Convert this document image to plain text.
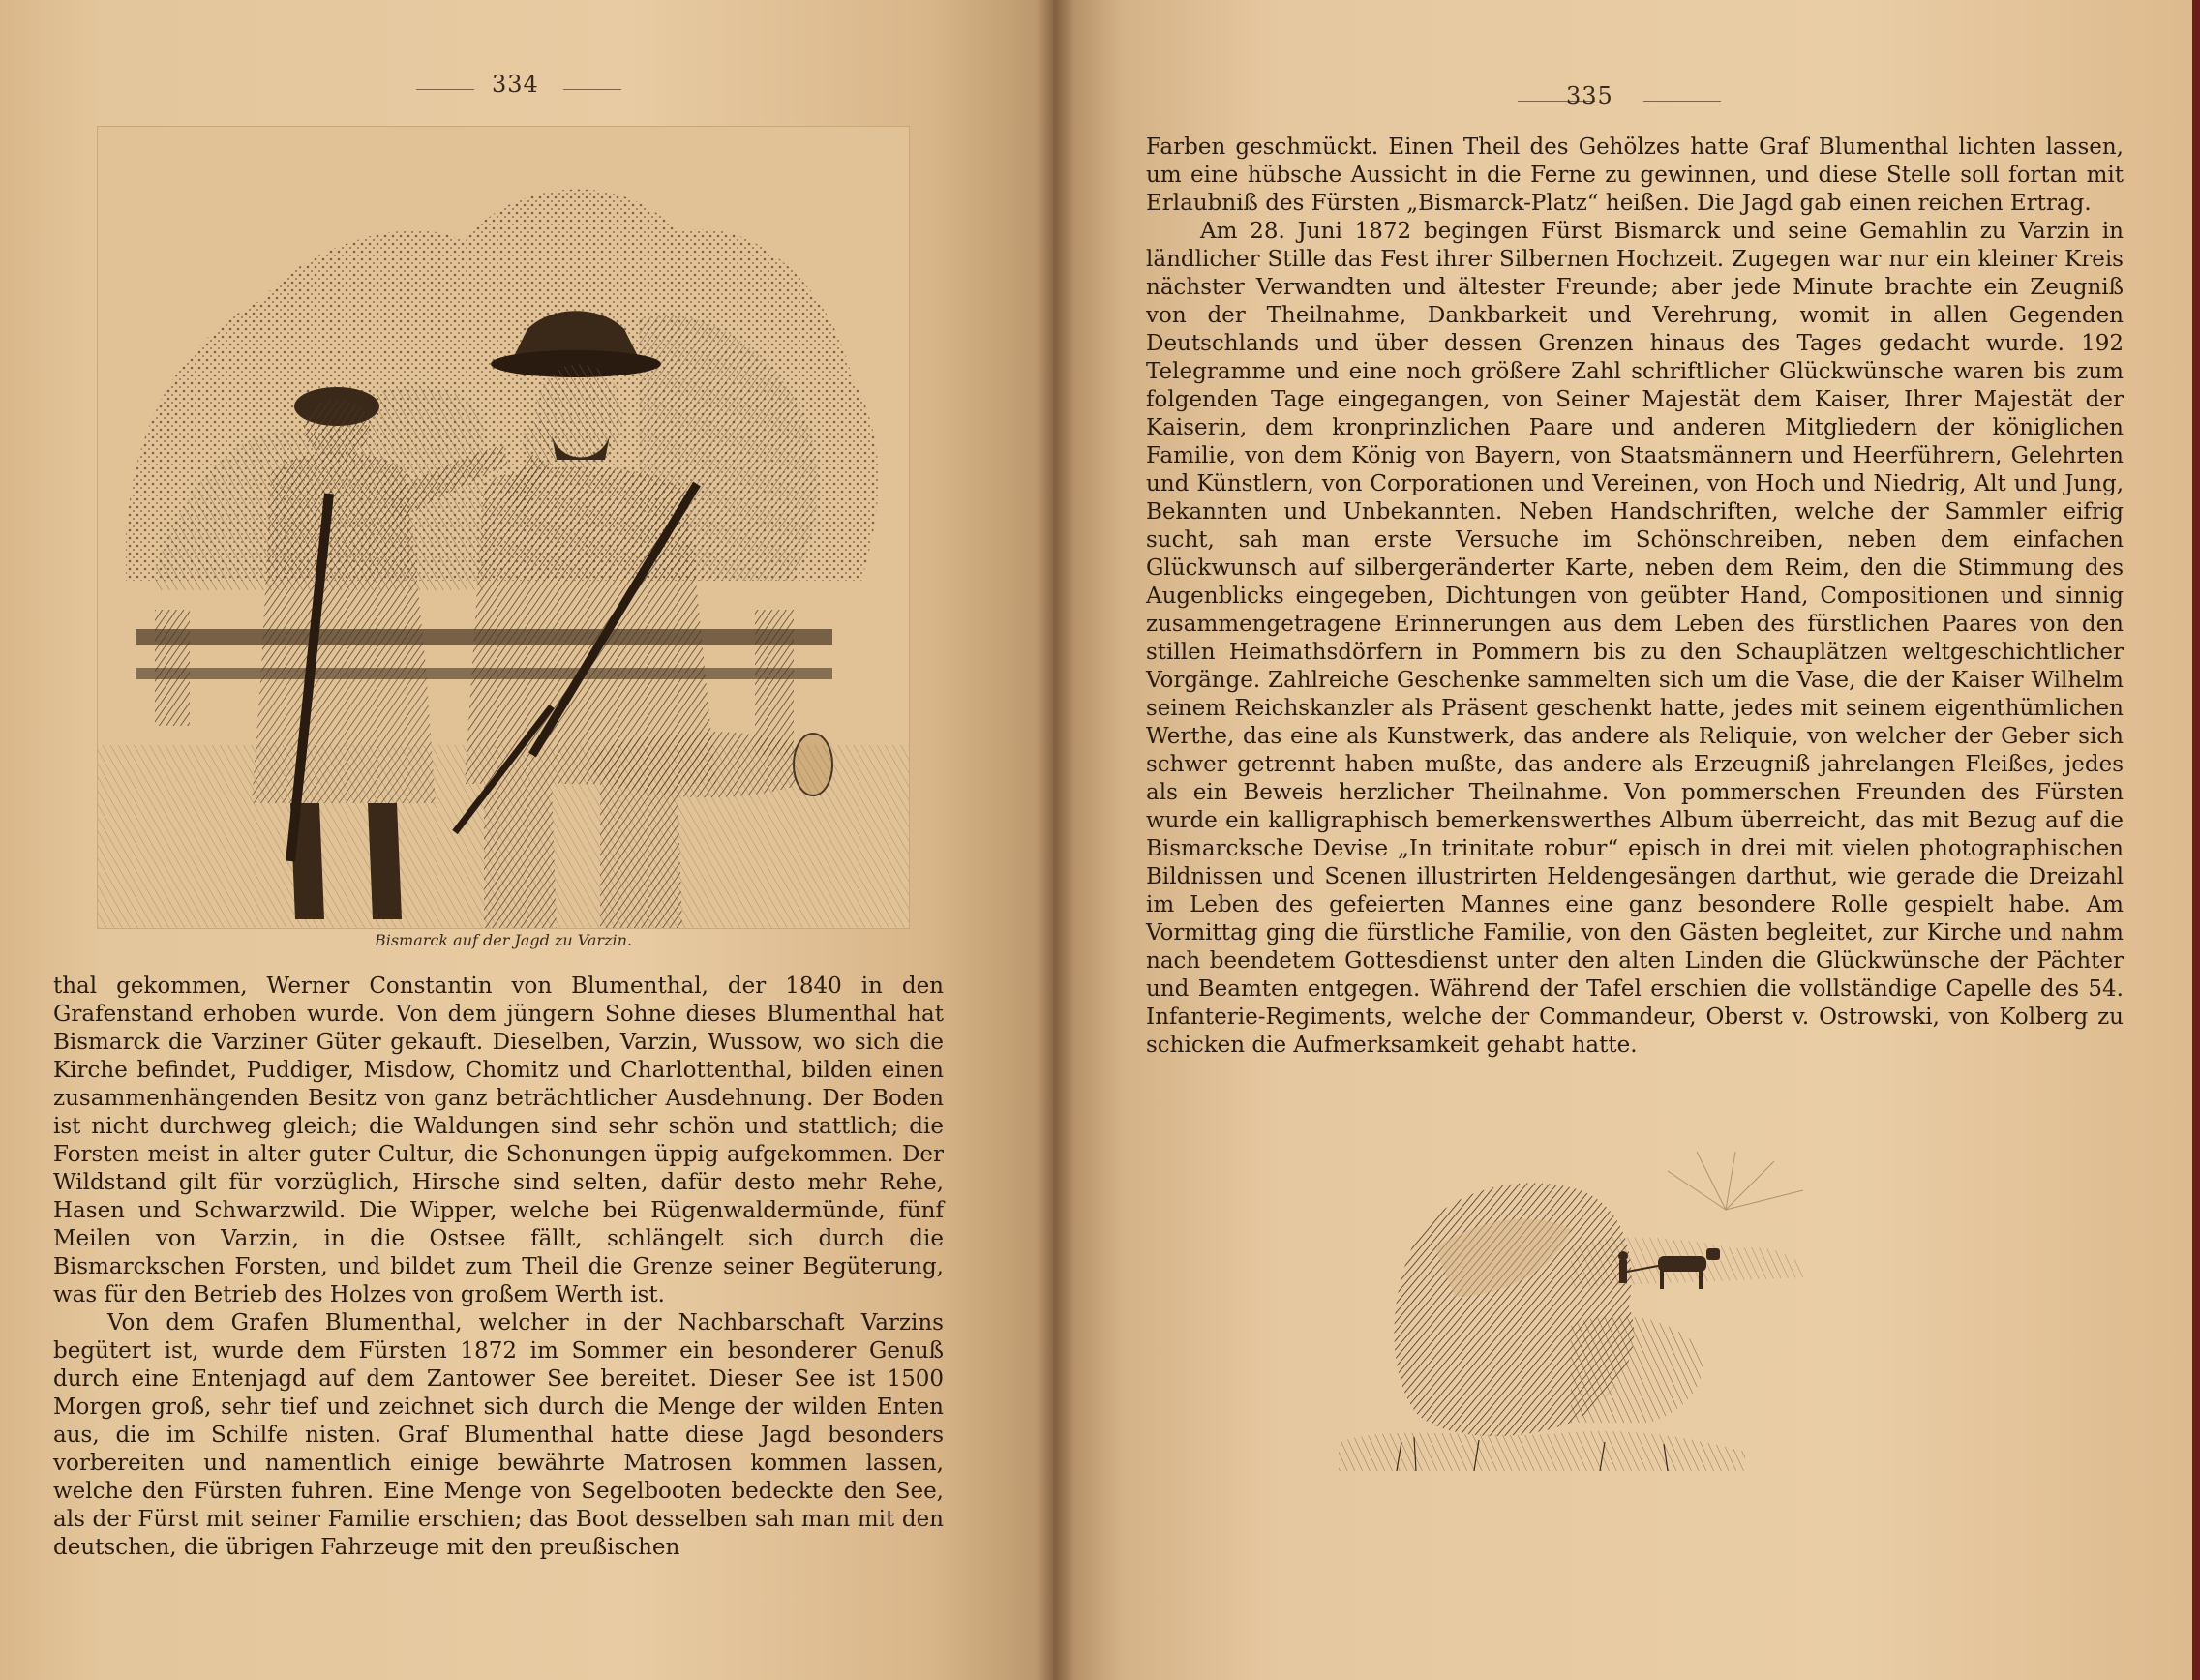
334
Bismarck auf der Jagd zu Varzin.

thal gekommen, Werner Constantin von Blumenthal, der 1840 in den Grafenstand erhoben wurde. Von dem jüngern Sohne dieses Blumenthal hat Bismarck die Varziner Güter gekauft. Dieselben, Varzin, Wussow, wo sich die Kirche befindet, Puddiger, Misdow, Chomitz und Charlottenthal, bilden einen zusammenhängenden Besitz von ganz beträchtlicher Ausdehnung. Der Boden ist nicht durchweg gleich; die Waldungen sind sehr schön und stattlich; die Forsten meist in alter guter Cultur, die Schonungen üppig aufgekommen. Der Wildstand gilt für vorzüglich, Hirsche sind selten, dafür desto mehr Rehe, Hasen und Schwarzwild. Die Wipper, welche bei Rügenwaldermünde, fünf Meilen von Varzin, in die Ostsee fällt, schlängelt sich durch die Bismarckschen Forsten, und bildet zum Theil die Grenze seiner Begüterung, was für den Betrieb des Holzes von großem Werth ist.

Von dem Grafen Blumenthal, welcher in der Nachbarschaft Varzins begütert ist, wurde dem Fürsten 1872 im Sommer ein besonderer Genuß durch eine Entenjagd auf dem Zantower See bereitet. Dieser See ist 1500 Morgen groß, sehr tief und zeichnet sich durch die Menge der wilden Enten aus, die im Schilfe nisten. Graf Blumenthal hatte diese Jagd besonders vorbereiten und namentlich einige bewährte Matrosen kommen lassen, welche den Fürsten fuhren. Eine Menge von Segelbooten bedeckte den See, als der Fürst mit seiner Familie erschien; das Boot desselben sah man mit den deutschen, die übrigen Fahrzeuge mit den preußischen

335

Farben geschmückt. Einen Theil des Gehölzes hatte Graf Blumenthal lichten lassen, um eine hübsche Aussicht in die Ferne zu gewinnen, und diese Stelle soll fortan mit Erlaubniß des Fürsten „Bismarck-Platz“ heißen. Die Jagd gab einen reichen Ertrag.

Am 28. Juni 1872 begingen Fürst Bismarck und seine Gemahlin zu Varzin in ländlicher Stille das Fest ihrer Silbernen Hochzeit. Zugegen war nur ein kleiner Kreis nächster Verwandten und ältester Freunde; aber jede Minute brachte ein Zeugniß von der Theilnahme, Dankbarkeit und Verehrung, womit in allen Gegenden Deutschlands und über dessen Grenzen hinaus des Tages gedacht wurde. 192 Telegramme und eine noch größere Zahl schriftlicher Glückwünsche waren bis zum folgenden Tage eingegangen, von Seiner Majestät dem Kaiser, Ihrer Majestät der Kaiserin, dem kronprinzlichen Paare und anderen Mitgliedern der königlichen Familie, von dem König von Bayern, von Staatsmännern und Heerführern, Gelehrten und Künstlern, von Corporationen und Vereinen, von Hoch und Niedrig, Alt und Jung, Bekannten und Unbekannten. Neben Handschriften, welche der Sammler eifrig sucht, sah man erste Versuche im Schönschreiben, neben dem einfachen Glückwunsch auf silbergeränderter Karte, neben dem Reim, den die Stimmung des Augenblicks eingegeben, Dichtungen von geübter Hand, Compositionen und sinnig zusammengetragene Erinnerungen aus dem Leben des fürstlichen Paares von den stillen Heimathsdörfern in Pommern bis zu den Schauplätzen weltgeschichtlicher Vorgänge. Zahlreiche Geschenke sammelten sich um die Vase, die der Kaiser Wilhelm seinem Reichskanzler als Präsent geschenkt hatte, jedes mit seinem eigenthümlichen Werthe, das eine als Kunstwerk, das andere als Reliquie, von welcher der Geber sich schwer getrennt haben mußte, das andere als Erzeugniß jahrelangen Fleißes, jedes als ein Beweis herzlicher Theilnahme. Von pommerschen Freunden des Fürsten wurde ein kalligraphisch bemerkenswerthes Album überreicht, das mit Bezug auf die Bismarcksche Devise „In trinitate robur“ episch in drei mit vielen photographischen Bildnissen und Scenen illustrirten Heldengesängen darthut, wie gerade die Dreizahl im Leben des gefeierten Mannes eine ganz besondere Rolle gespielt habe. Am Vormittag ging die fürstliche Familie, von den Gästen begleitet, zur Kirche und nahm nach beendetem Gottesdienst unter den alten Linden die Glückwünsche der Pächter und Beamten entgegen. Während der Tafel erschien die vollständige Capelle des 54. Infanterie-Regiments, welche der Commandeur, Oberst v. Ostrowski, von Kolberg zu schicken die Aufmerksamkeit gehabt hatte.
